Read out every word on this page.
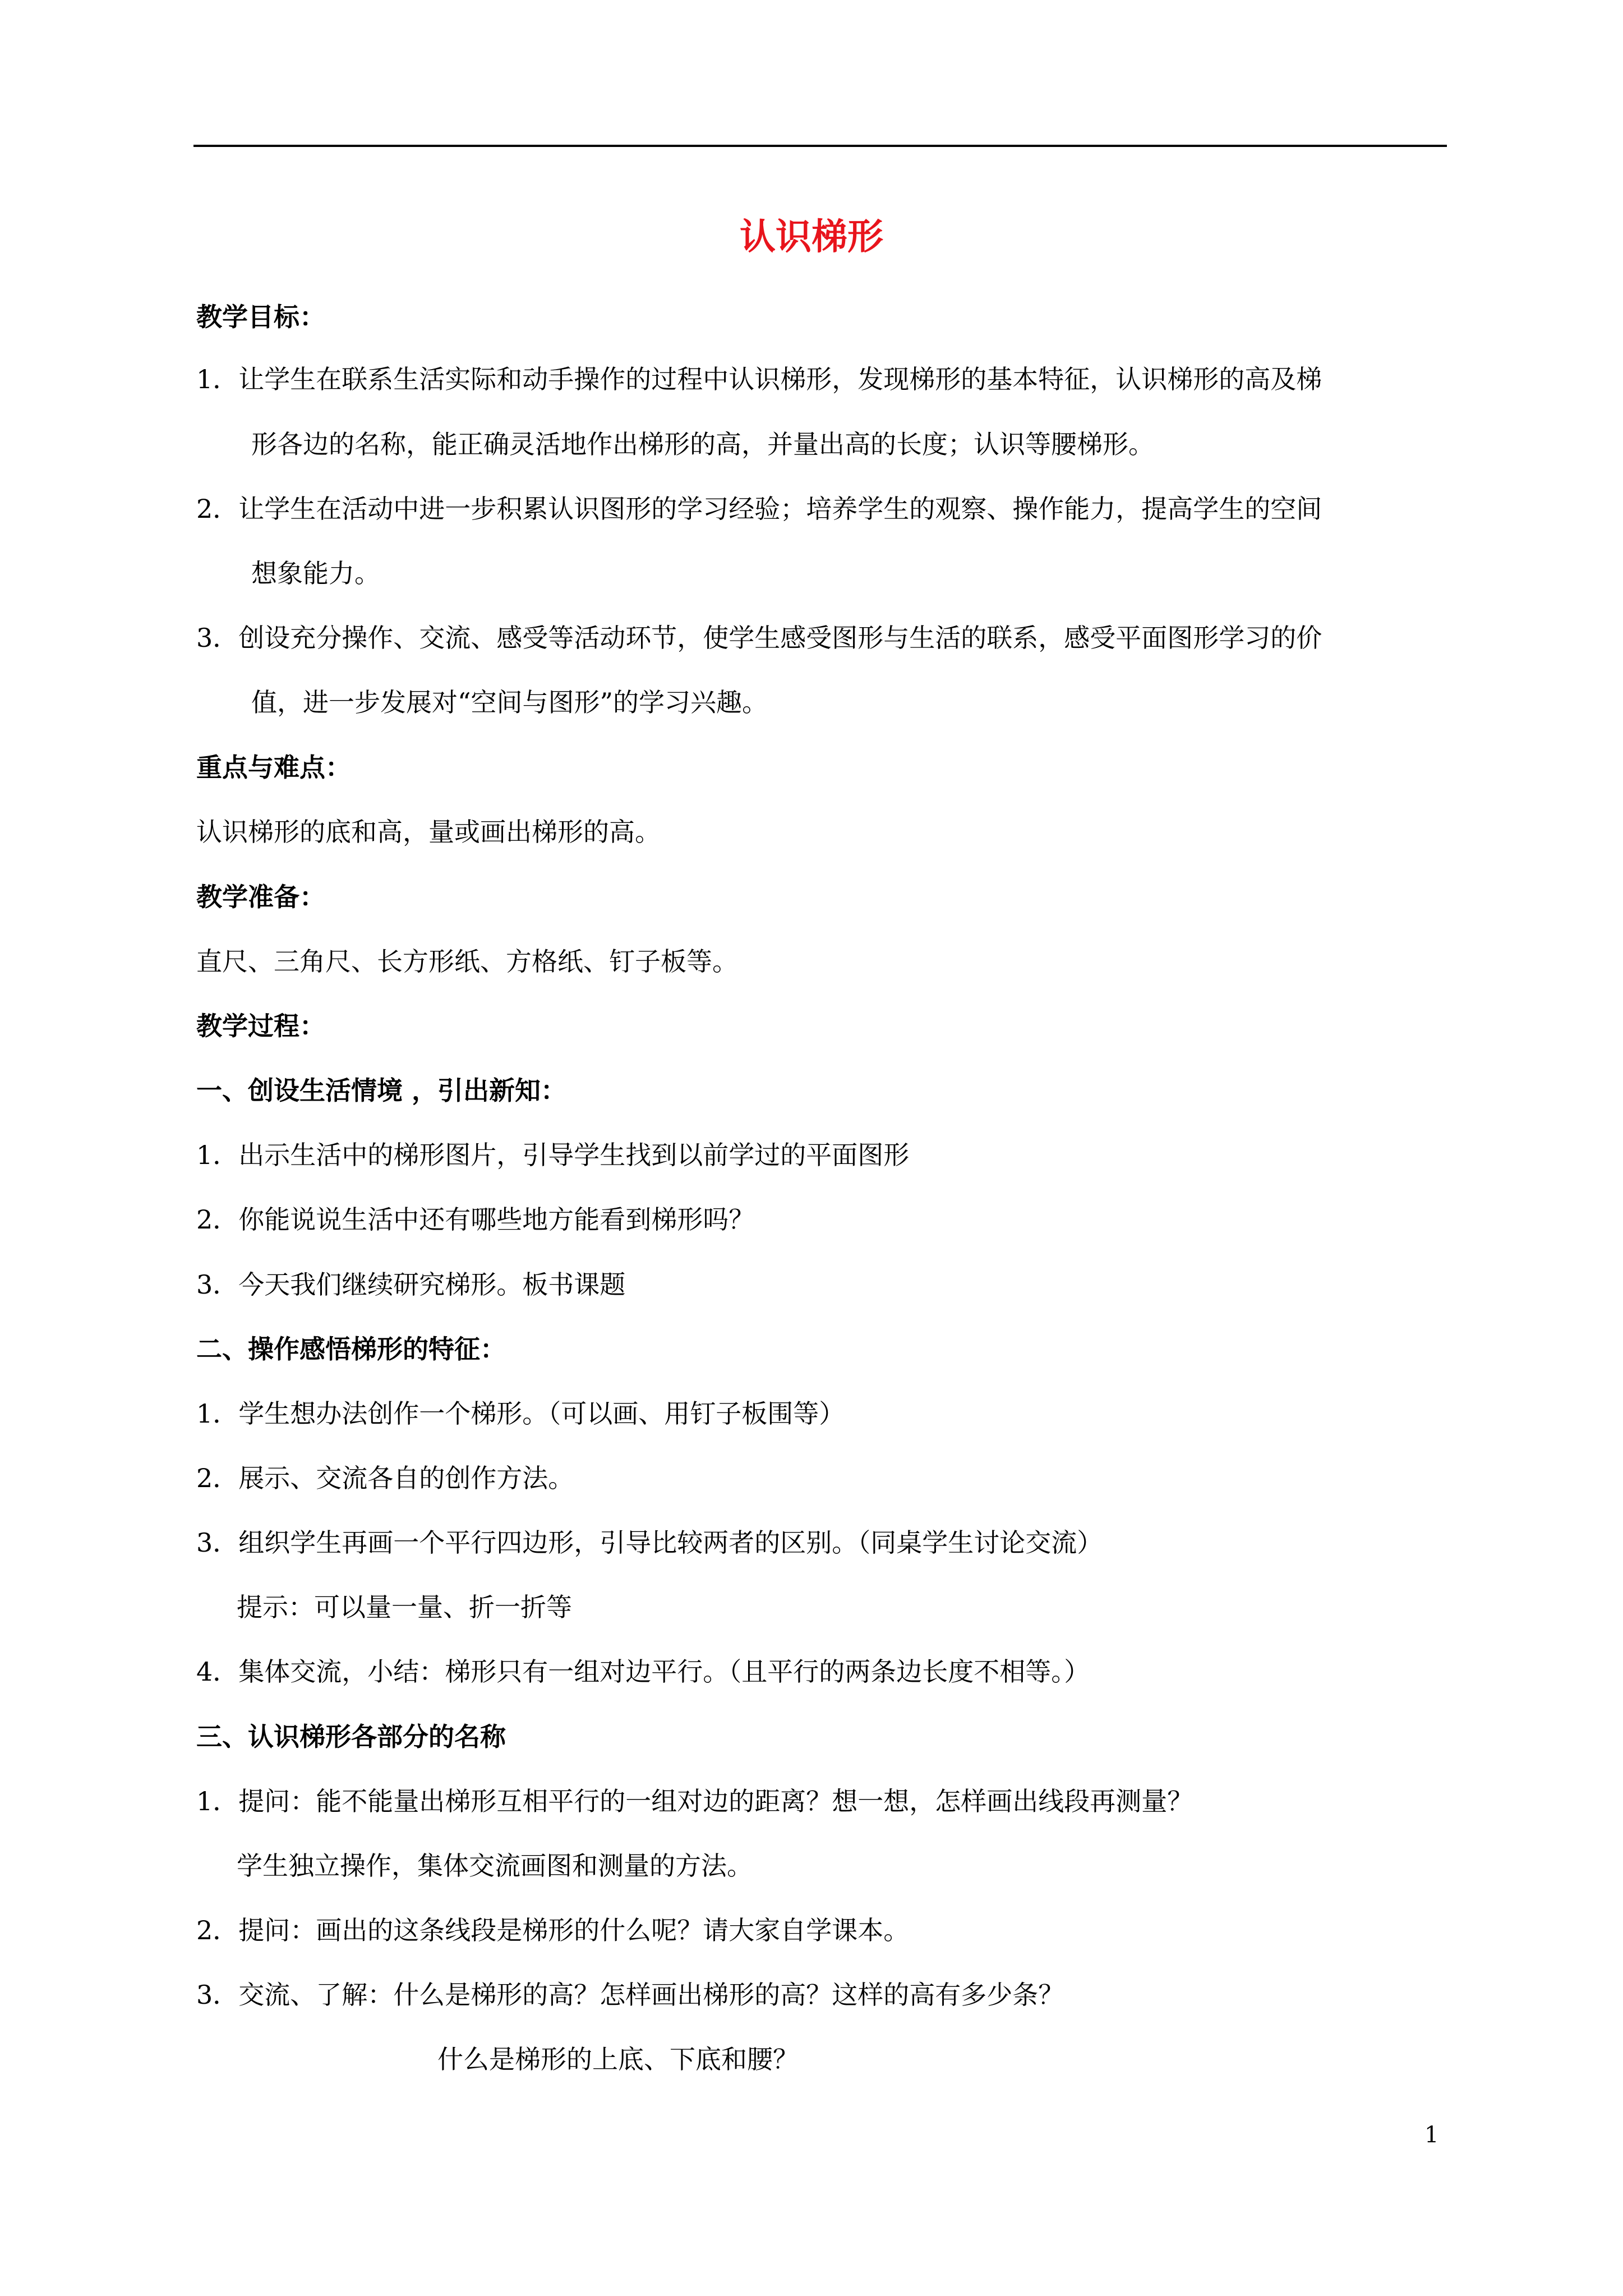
认识梯形
教学目标：
1．让学生在联系生活实际和动手操作的过程中认识梯形，发现梯形的基本特征，认识梯形的高及梯
形各边的名称，能正确灵活地作出梯形的高，并量出高的长度；认识等腰梯形。
2．让学生在活动中进一步积累认识图形的学习经验；培养学生的观察、操作能力，提高学生的空间
想象能力。
3．创设充分操作、交流、感受等活动环节，使学生感受图形与生活的联系，感受平面图形学习的价
值，进一步发展对“空间与图形”的学习兴趣。
重点与难点：
认识梯形的底和高，量或画出梯形的高。
教学准备：
直尺、三角尺、长方形纸、方格纸、钉子板等。
教学过程：
一、创设生活情境 ，引出新知：
1．出示生活中的梯形图片，引导学生找到以前学过的平面图形
2．你能说说生活中还有哪些地方能看到梯形吗？
3．今天我们继续研究梯形。板书课题
二、操作感悟梯形的特征：
1．学生想办法创作一个梯形。（可以画、用钉子板围等）
2．展示、交流各自的创作方法。
3．组织学生再画一个平行四边形，引导比较两者的区别。（同桌学生讨论交流）
提示：可以量一量、折一折等
4．集体交流，小结：梯形只有一组对边平行。（且平行的两条边长度不相等。）
三、认识梯形各部分的名称
1．提问：能不能量出梯形互相平行的一组对边的距离？想一想，怎样画出线段再测量？
学生独立操作，集体交流画图和测量的方法。
2．提问：画出的这条线段是梯形的什么呢？请大家自学课本。
3．交流、了解：什么是梯形的高？怎样画出梯形的高？这样的高有多少条？
什么是梯形的上底、下底和腰？
1
